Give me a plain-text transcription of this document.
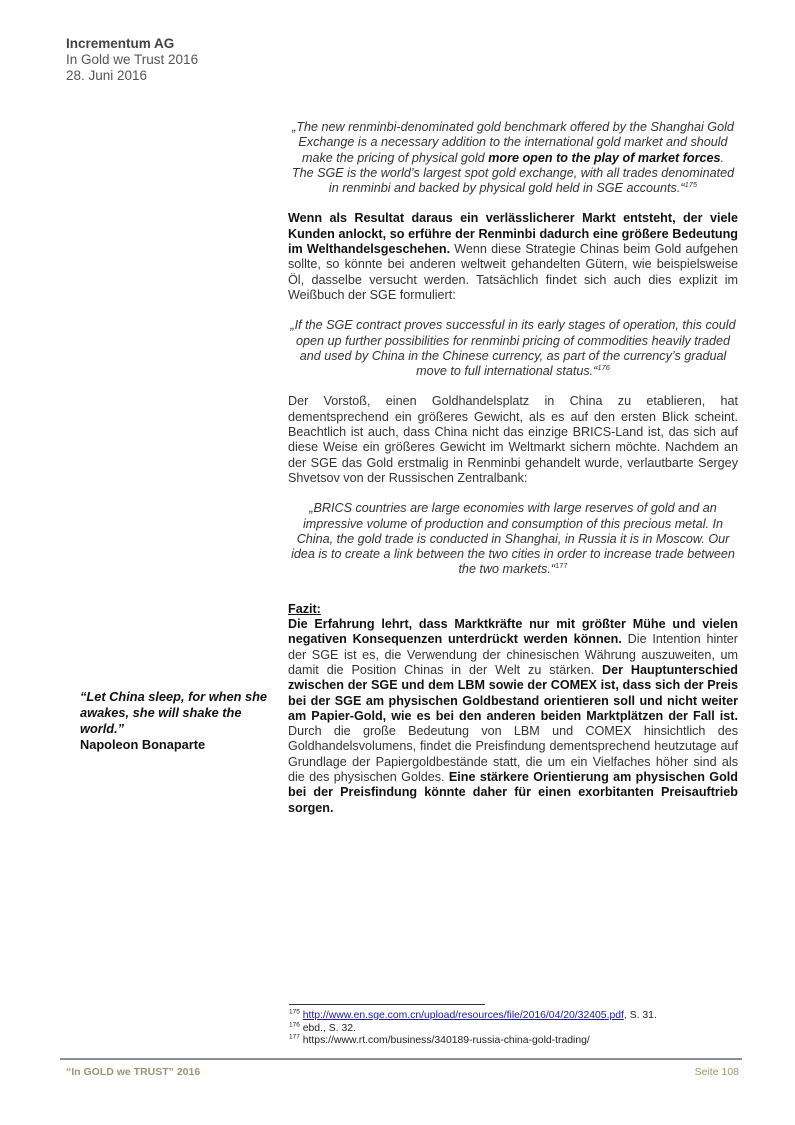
Incrementum AG
In Gold we Trust 2016
28. Juni 2016

„The new renminbi-denominated gold benchmark offered by the Shanghai Gold Exchange is a necessary addition to the international gold market and should make the pricing of physical gold more open to the play of market forces. The SGE is the world’s largest spot gold exchange, with all trades denominated in renminbi and backed by physical gold held in SGE accounts.“$^{175}$

Wenn als Resultat daraus ein verlässlicherer Markt entsteht, der viele Kunden anlockt, so erführe der Renminbi dadurch eine größere Bedeutung im Welthandelsgeschehen. Wenn diese Strategie Chinas beim Gold aufgehen sollte, so könnte bei anderen weltweit gehandelten Gütern, wie beispielsweise Öl, dasselbe versucht werden. Tatsächlich findet sich auch dies explizit im Weißbuch der SGE formuliert:

„If the SGE contract proves successful in its early stages of operation, this could open up further possibilities for renminbi pricing of commodities heavily traded and used by China in the Chinese currency, as part of the currency’s gradual move to full international status.“$^{176}$

Der Vorstoß, einen Goldhandelsplatz in China zu etablieren, hat dementsprechend ein größeres Gewicht, als es auf den ersten Blick scheint. Beachtlich ist auch, dass China nicht das einzige BRICS-Land ist, das sich auf diese Weise ein größeres Gewicht im Weltmarkt sichern möchte. Nachdem an der SGE das Gold erstmalig in Renminbi gehandelt wurde, verlautbarte Sergey Shvetsov von der Russischen Zentralbank:

„BRICS countries are large economies with large reserves of gold and an impressive volume of production and consumption of this precious metal. In China, the gold trade is conducted in Shanghai, in Russia it is in Moscow. Our idea is to create a link between the two cities in order to increase trade between the two markets.“$^{177}$

Fazit:

Die Erfahrung lehrt, dass Marktkräfte nur mit größter Mühe und vielen negativen Konsequenzen unterdrückt werden können. Die Intention hinter der SGE ist es, die Verwendung der chinesischen Währung auszuweiten, um damit die Position Chinas in der Welt zu stärken. Der Hauptunterschied zwischen der SGE und dem LBM sowie der COMEX ist, dass sich der Preis bei der SGE am physischen Goldbestand orientieren soll und nicht weiter am Papier-Gold, wie es bei den anderen beiden Marktplätzen der Fall ist. Durch die große Bedeutung von LBM und COMEX hinsichtlich des Goldhandelsvolumens, findet die Preisfindung dementsprechend heutzutage auf Grundlage der Papiergoldbestände statt, die um ein Vielfaches höher sind als die des physischen Goldes. Eine stärkere Orientierung am physischen Gold bei der Preisfindung könnte daher für einen exorbitanten Preisauftrieb sorgen.

“Let China sleep, for when she awakes, she will shake the world.”
Napoleon Bonaparte
$^{175}$ http://www.en.sge.com.cn/upload/resources/file/2016/04/20/32405.pdf, S. 31.
$^{176}$ ebd., S. 32.
$^{177}$ https://www.rt.com/business/340189-russia-china-gold-trading/
“In GOLD we TRUST” 2016	Seite 108
